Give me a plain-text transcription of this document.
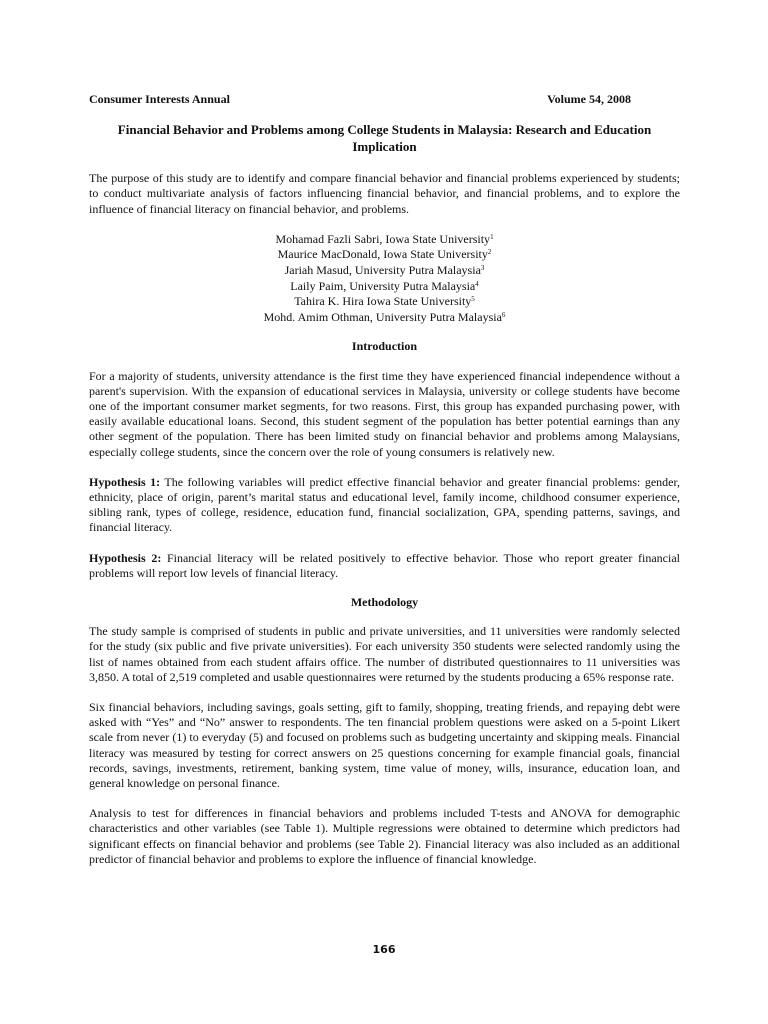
Consumer Interests Annual	Volume 54, 2008
Financial Behavior and Problems among College Students in Malaysia: Research and Education Implication

The purpose of this study are to identify and compare financial behavior and financial problems experienced by students; to conduct multivariate analysis of factors influencing financial behavior, and financial problems, and to explore the influence of financial literacy on financial behavior, and problems.

Mohamad Fazli Sabri, Iowa State University$^1$
Maurice MacDonald, Iowa State University$^2$
Jariah Masud, University Putra Malaysia$^3$
Laily Paim, University Putra Malaysia$^4$
Tahira K. Hira Iowa State University$^5$
Mohd. Amim Othman, University Putra Malaysia$^6$
Introduction

For a majority of students, university attendance is the first time they have experienced financial independence without a parent's supervision. With the expansion of educational services in Malaysia, university or college students have become one of the important consumer market segments, for two reasons. First, this group has expanded purchasing power, with easily available educational loans. Second, this student segment of the population has better potential earnings than any other segment of the population. There has been limited study on financial behavior and problems among Malaysians, especially college students, since the concern over the role of young consumers is relatively new.

Hypothesis 1: The following variables will predict effective financial behavior and greater financial problems: gender, ethnicity, place of origin, parent’s marital status and educational level, family income, childhood consumer experience, sibling rank, types of college, residence, education fund, financial socialization, GPA, spending patterns, savings, and financial literacy.

Hypothesis 2: Financial literacy will be related positively to effective behavior. Those who report greater financial problems will report low levels of financial literacy.

Methodology

The study sample is comprised of students in public and private universities, and 11 universities were randomly selected for the study (six public and five private universities). For each university 350 students were selected randomly using the list of names obtained from each student affairs office. The number of distributed questionnaires to 11 universities was 3,850. A total of 2,519 completed and usable questionnaires were returned by the students producing a 65% response rate.

Six financial behaviors, including savings, goals setting, gift to family, shopping, treating friends, and repaying debt were asked with “Yes” and “No” answer to respondents. The ten financial problem questions were asked on a 5-point Likert scale from never (1) to everyday (5) and focused on problems such as budgeting uncertainty and skipping meals. Financial literacy was measured by testing for correct answers on 25 questions concerning for example financial goals, financial records, savings, investments, retirement, banking system, time value of money, wills, insurance, education loan, and general knowledge on personal finance.

Analysis to test for differences in financial behaviors and problems included T-tests and ANOVA for demographic characteristics and other variables (see Table 1). Multiple regressions were obtained to determine which predictors had significant effects on financial behavior and problems (see Table 2). Financial literacy was also included as an additional predictor of financial behavior and problems to explore the influence of financial knowledge.

166
